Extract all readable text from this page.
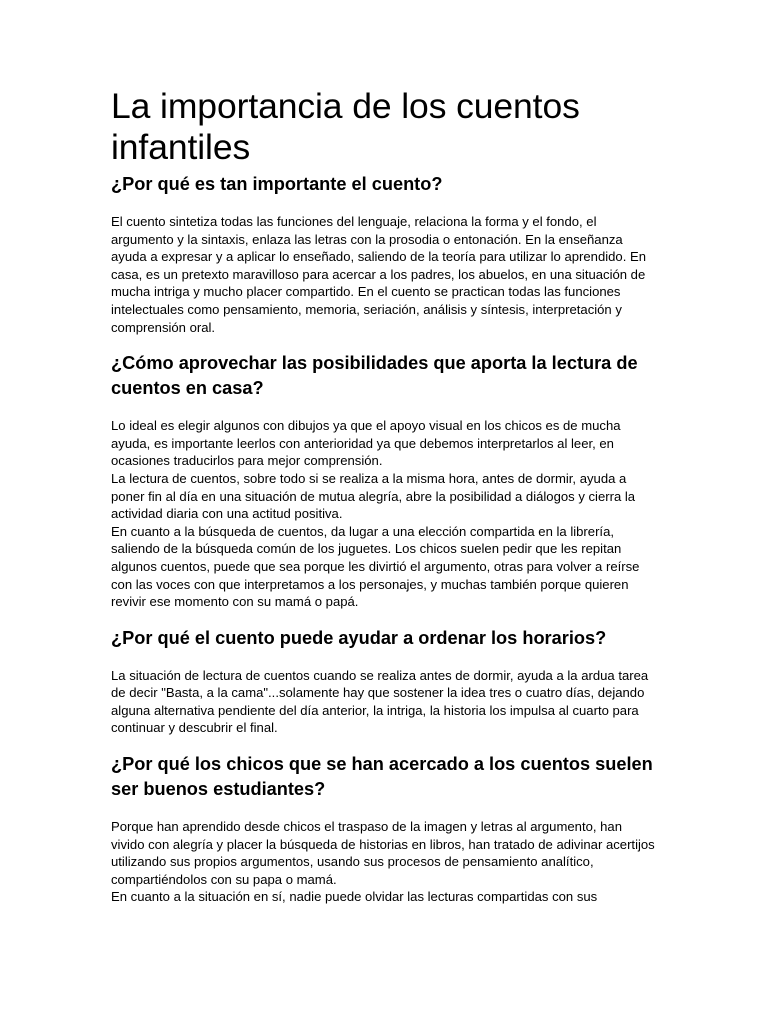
La importancia de los cuentos infantiles
¿Por qué es tan importante el cuento?

El cuento sintetiza todas las funciones del lenguaje, relaciona la forma y el fondo, el argumento y la sintaxis, enlaza las letras con la prosodia o entonación. En la enseñanza ayuda a expresar y a aplicar lo enseñado, saliendo de la teoría para utilizar lo aprendido. En casa, es un pretexto maravilloso para acercar a los padres, los abuelos, en una situación de mucha intriga y mucho placer compartido. En el cuento se practican todas las funciones intelectuales como pensamiento, memoria, seriación, análisis y síntesis, interpretación y comprensión oral.

¿Cómo aprovechar las posibilidades que aporta la lectura de cuentos en casa?

Lo ideal es elegir algunos con dibujos ya que el apoyo visual en los chicos es de mucha ayuda, es importante leerlos con anterioridad ya que debemos interpretarlos al leer, en ocasiones traducirlos para mejor comprensión.

La lectura de cuentos, sobre todo si se realiza a la misma hora, antes de dormir, ayuda a poner fin al día en una situación de mutua alegría, abre la posibilidad a diálogos y cierra la actividad diaria con una actitud positiva.

En cuanto a la búsqueda de cuentos, da lugar a una elección compartida en la librería, saliendo de la búsqueda común de los juguetes. Los chicos suelen pedir que les repitan algunos cuentos, puede que sea porque les divirtió el argumento, otras para volver a reírse con las voces con que interpretamos a los personajes, y muchas también porque quieren revivir ese momento con su mamá o papá.

¿Por qué el cuento puede ayudar a ordenar los horarios?

La situación de lectura de cuentos cuando se realiza antes de dormir, ayuda a la ardua tarea de decir "Basta, a la cama"...solamente hay que sostener la idea tres o cuatro días, dejando alguna alternativa pendiente del día anterior, la intriga, la historia los impulsa al cuarto para continuar y descubrir el final.

¿Por qué los chicos que se han acercado a los cuentos suelen ser buenos estudiantes?

Porque han aprendido desde chicos el traspaso de la imagen y letras al argumento, han vivido con alegría y placer la búsqueda de historias en libros, han tratado de adivinar acertijos utilizando sus propios argumentos, usando sus procesos de pensamiento analítico, compartiéndolos con su papa o mamá.

En cuanto a la situación en sí, nadie puede olvidar las lecturas compartidas con sus
